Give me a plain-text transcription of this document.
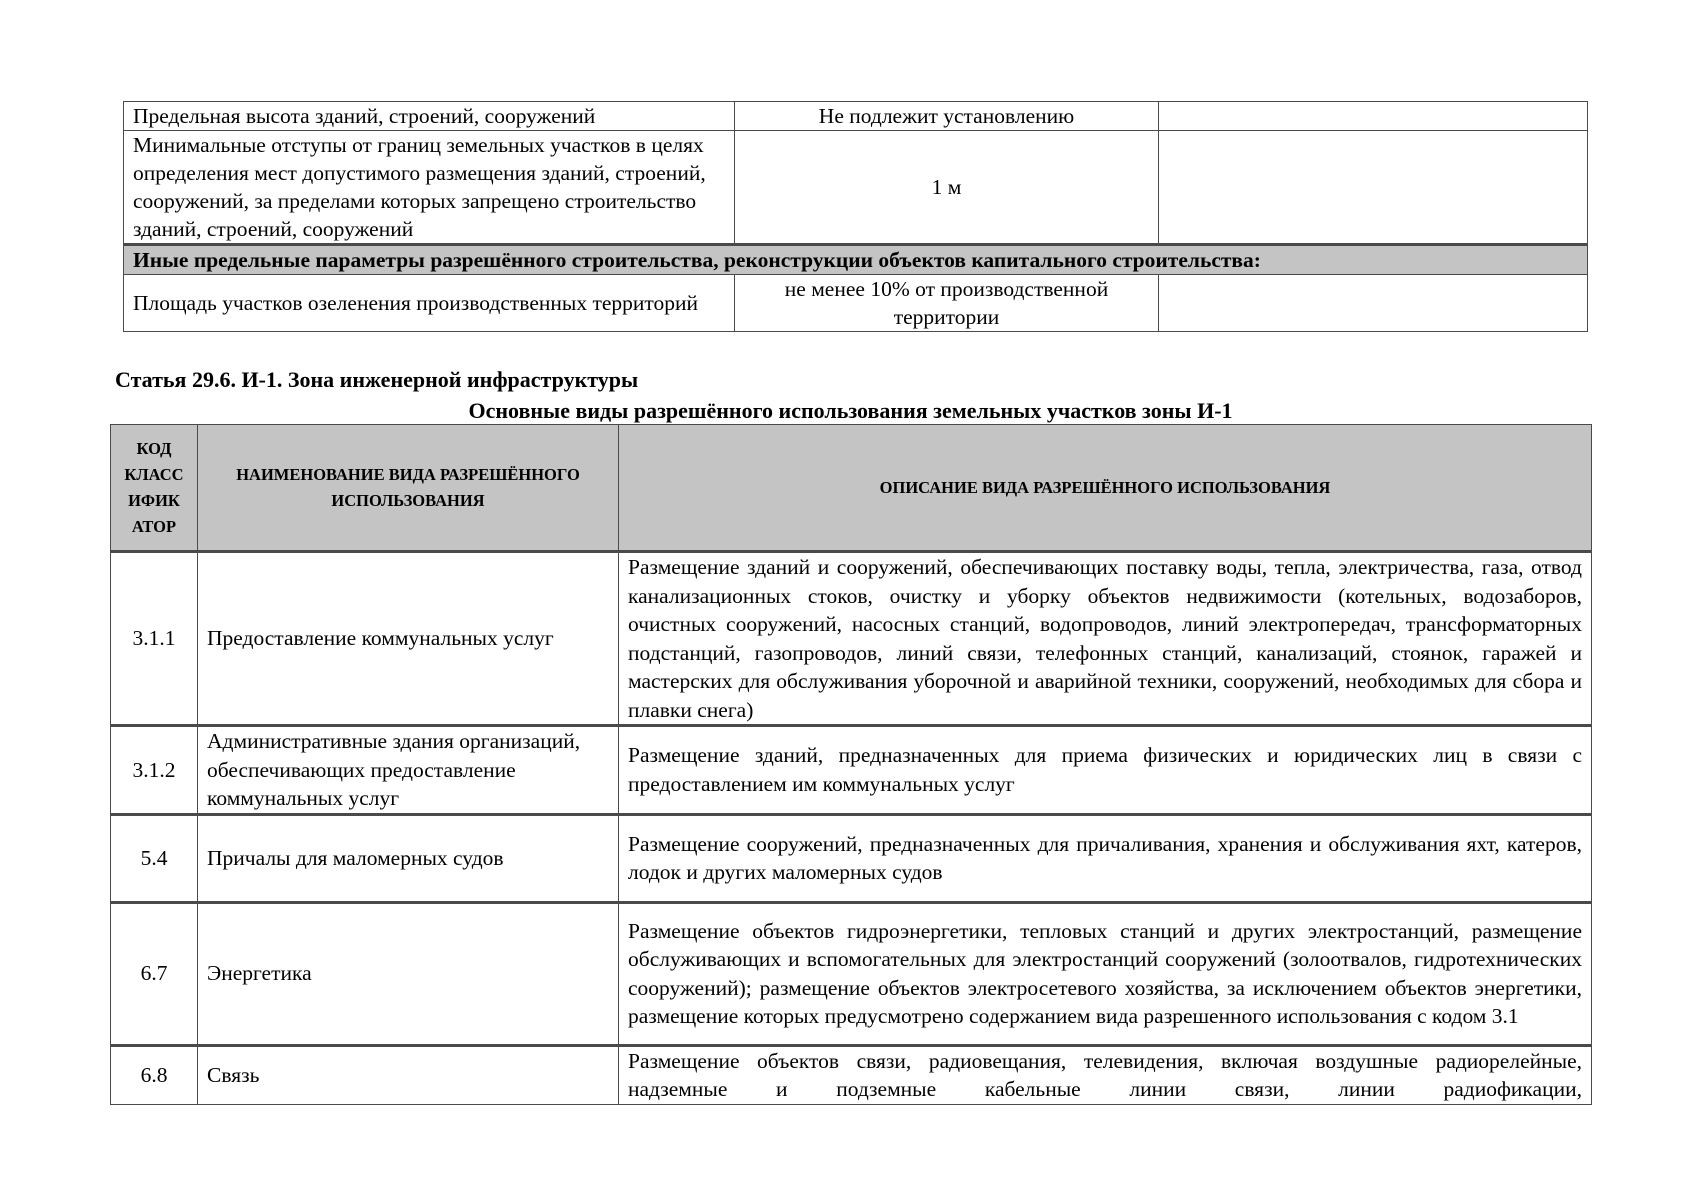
Предельная высота зданий, строений, сооружений	Не подлежит установлению	
Минимальные отступы от границ земельных участков в целях определения мест допустимого размещения зданий, строений, сооружений, за пределами которых запрещено строительство зданий, строений, сооружений	1 м	
Иные предельные параметры разрешённого строительства, реконструкции объектов капитального строительства:		
Площадь участков озеленения производственных территорий	не менее 10% от производственной территории	
Статья 29.6. И-1. Зона инженерной инфраструктуры
Основные виды разрешённого использования земельных участков зоны И-1
КОД КЛАСС ИФИК АТОР	НАИМЕНОВАНИЕ ВИДА РАЗРЕШЁННОГО ИСПОЛЬЗОВАНИЯ	ОПИСАНИЕ ВИДА РАЗРЕШЁННОГО ИСПОЛЬЗОВАНИЯ
3.1.1	Предоставление коммунальных услуг	Размещение зданий и сооружений, обеспечивающих поставку воды, тепла, электричества, газа, отвод канализационных стоков, очистку и уборку объектов недвижимости (котельных, водозаборов, очистных сооружений, насосных станций, водопроводов, линий электропередач, трансформаторных подстанций, газопроводов, линий связи, телефонных станций, канализаций, стоянок, гаражей и мастерских для обслуживания уборочной и аварийной техники, сооружений, необходимых для сбора и плавки снега)
3.1.2	Административные здания организаций, обеспечивающих предоставление коммунальных услуг	Размещение зданий, предназначенных для приема физических и юридических лиц в связи с предоставлением им коммунальных услуг
5.4	Причалы для маломерных судов	Размещение сооружений, предназначенных для причаливания, хранения и обслуживания яхт, катеров, лодок и других маломерных судов
6.7	Энергетика	Размещение объектов гидроэнергетики, тепловых станций и других электростанций, размещение обслуживающих и вспомогательных для электростанций сооружений (золоотвалов, гидротехнических сооружений); размещение объектов электросетевого хозяйства, за исключением объектов энергетики, размещение которых предусмотрено содержанием вида разрешенного использования с кодом 3.1
6.8	Связь	Размещение объектов связи, радиовещания, телевидения, включая воздушные радиорелейные, надземные и подземные кабельные линии связи, линии радиофикации,
